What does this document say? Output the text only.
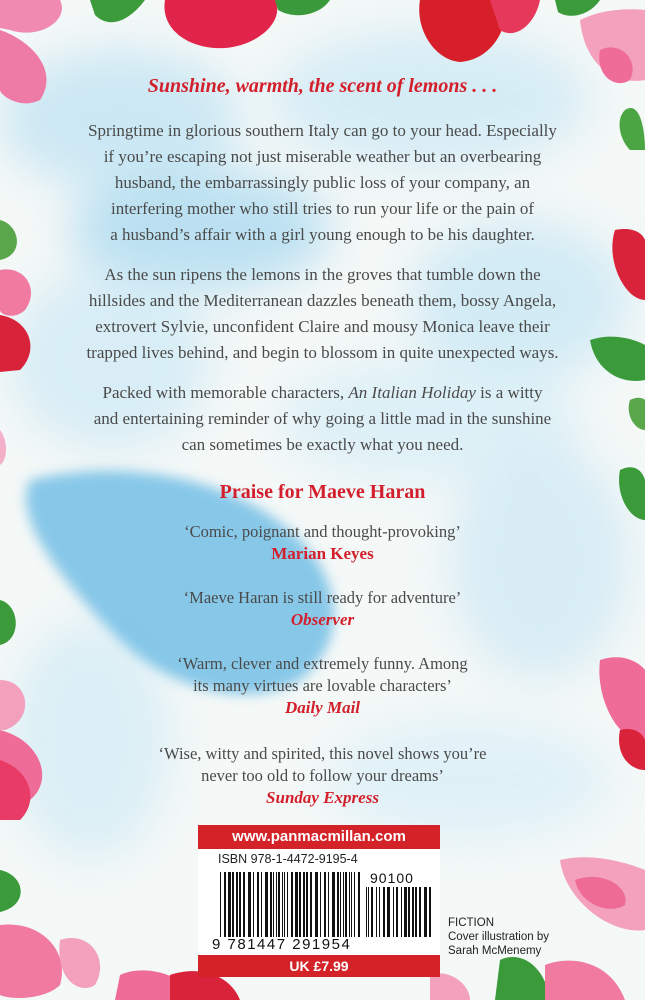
Sunshine, warmth, the scent of lemons . . .
Springtime in glorious southern Italy can go to your head. Especially
if you’re escaping not just miserable weather but an overbearing
husband, the embarrassingly public loss of your company, an
interfering mother who still tries to run your life or the pain of
a husband’s affair with a girl young enough to be his daughter.
As the sun ripens the lemons in the groves that tumble down the
hillsides and the Mediterranean dazzles beneath them, bossy Angela,
extrovert Sylvie, unconfident Claire and mousy Monica leave their
trapped lives behind, and begin to blossom in quite unexpected ways.
Packed with memorable characters, An Italian Holiday is a witty
and entertaining reminder of why going a little mad in the sunshine
can sometimes be exactly what you need.
Praise for Maeve Haran
‘Comic, poignant and thought-provoking’
Marian Keyes
‘Maeve Haran is still ready for adventure’
Observer
‘Warm, clever and extremely funny. Among
its many virtues are lovable characters’
Daily Mail
‘Wise, witty and spirited, this novel shows you’re
never too old to follow your dreams’
Sunday Express
www.panmacmillan.com
ISBN 978-1-4472-9195-4
90100
9 781447 291954
UK £7.99
FICTION
Cover illustration by
Sarah McMenemy
